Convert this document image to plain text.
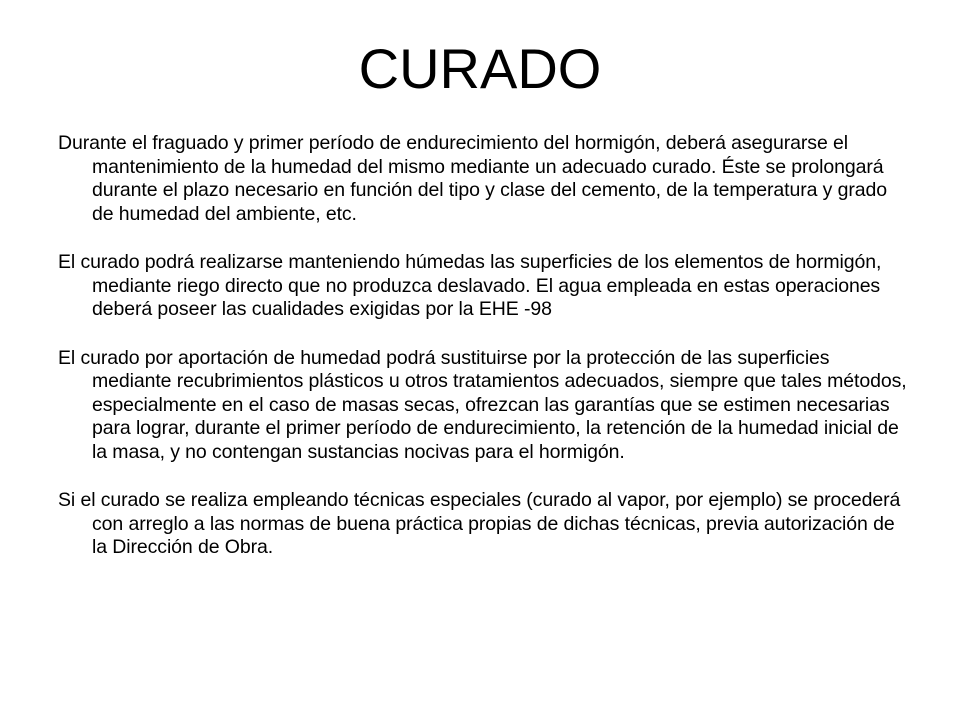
CURADO

Durante el fraguado y primer período de endurecimiento del hormigón, deberá asegurarse el mantenimiento de la humedad del mismo mediante un adecuado curado. Éste se prolongará durante el plazo necesario en función del tipo y clase del cemento, de la temperatura y grado de humedad del ambiente, etc.

El curado podrá realizarse manteniendo húmedas las superficies de los elementos de hormigón, mediante riego directo que no produzca deslavado. El agua empleada en estas operaciones deberá poseer las cualidades exigidas por la EHE -98

El curado por aportación de humedad podrá sustituirse por la protección de las superficies mediante recubrimientos plásticos u otros tratamientos adecuados, siempre que tales métodos, especialmente en el caso de masas secas, ofrezcan las garantías que se estimen necesarias para lograr, durante el primer período de endurecimiento, la retención de la humedad inicial de la masa, y no contengan sustancias nocivas para el hormigón.

Si el curado se realiza empleando técnicas especiales (curado al vapor, por ejemplo) se procederá con arreglo a las normas de buena práctica propias de dichas técnicas, previa autorización de la Dirección de Obra.
